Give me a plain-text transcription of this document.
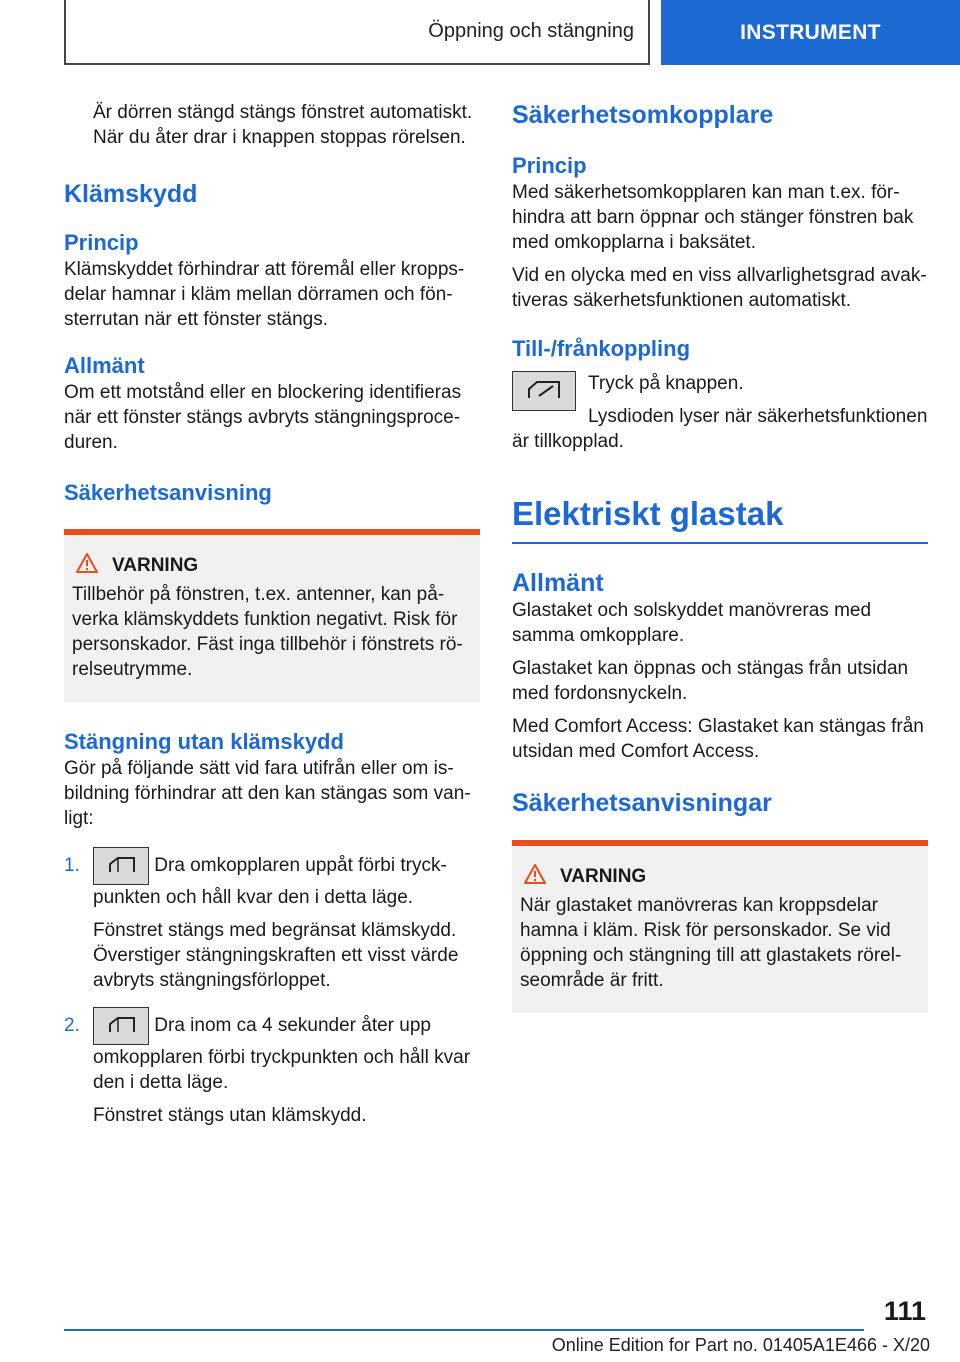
Öppning och stängning	INSTRUMENT

Är dörren stängd stängs fönstret automatiskt.

När du åter drar i knappen stoppas rörelsen.

Klämskydd
Princip

Klämskyddet förhindrar att föremål eller kroppsdelar hamnar i kläm mellan dörramen och fönsterrutan när ett fönster stängs.

Allmänt

Om ett motstånd eller en blockering identifieras när ett fönster stängs avbryts stängningsproceduren.

Säkerhetsanvisning
VARNING

Tillbehör på fönstren, t.ex. antenner, kan påverka klämskyddets funktion negativt. Risk för personskador. Fäst inga tillbehör i fönstrets rörelseutrymme.

Stängning utan klämskydd

Gör på följande sätt vid fara utifrån eller om isbildning förhindrar att den kan stängas som vanligt:

1.	Dra omkopplaren uppåt förbi tryckpunkten och håll kvar den i detta läge.

Fönstret stängs med begränsat klämskydd. Överstiger stängningskraften ett visst värde avbryts stängningsförloppet.

2.	Dra inom ca 4 sekunder åter upp omkopplaren förbi tryckpunkten och håll kvar den i detta läge.

Fönstret stängs utan klämskydd.

Säkerhetsomkopplare
Princip

Med säkerhetsomkopplaren kan man t.ex. förhindra att barn öppnar och stänger fönstren bak med omkopplarna i baksätet.

Vid en olycka med en viss allvarlighetsgrad avaktiveras säkerhetsfunktionen automatiskt.

Till-/frånkoppling

Tryck på knappen.

Lysdioden lyser när säkerhetsfunktionen är tillkopplad.

Elektriskt glastak
Allmänt

Glastaket och solskyddet manövreras med samma omkopplare.

Glastaket kan öppnas och stängas från utsidan med fordonsnyckeln.

Med Comfort Access: Glastaket kan stängas från utsidan med Comfort Access.

Säkerhetsanvisningar
VARNING

När glastaket manövreras kan kroppsdelar hamna i kläm. Risk för personskador. Se vid öppning och stängning till att glastakets rörelseområde är fritt.

111
Online Edition for Part no. 01405A1E466 - X/20
